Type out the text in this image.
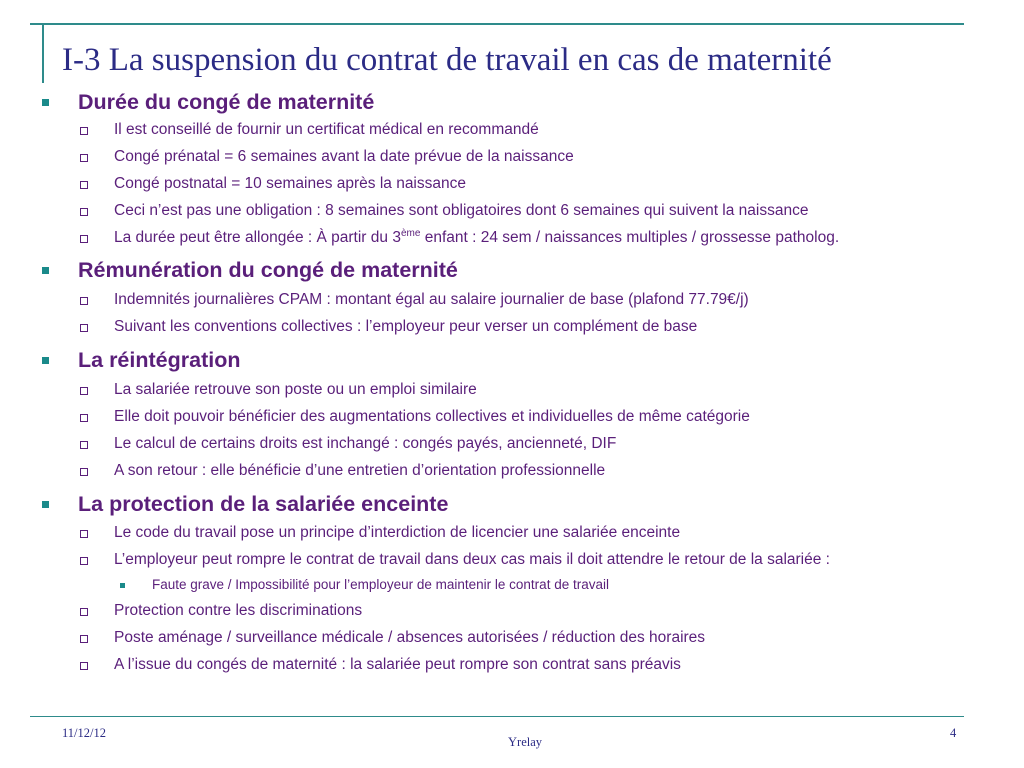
I-3 La suspension du contrat de travail en cas de maternité
Durée du congé de maternité
Il est conseillé de fournir un certificat médical en recommandé
Congé prénatal = 6 semaines avant la date prévue de la naissance
Congé postnatal = 10 semaines après la naissance
Ceci n’est pas une obligation : 8 semaines sont obligatoires dont 6 semaines qui suivent la naissance
La durée peut être allongée : À partir du 3ème enfant : 24 sem / naissances multiples / grossesse patholog.
Rémunération du congé de maternité
Indemnités journalières CPAM : montant égal au salaire journalier de base (plafond 77.79€/j)
Suivant les conventions collectives : l’employeur peur verser un complément de base
La réintégration
La salariée retrouve son poste ou un emploi similaire
Elle doit pouvoir bénéficier des augmentations collectives et individuelles de même catégorie
Le calcul de certains droits est inchangé : congés payés, ancienneté, DIF
A son retour : elle bénéficie d’une entretien d’orientation professionnelle
La protection de la salariée enceinte
Le code du travail pose un principe d’interdiction de licencier une salariée enceinte
L’employeur peut rompre le contrat de travail dans deux cas mais il doit attendre le retour de la salariée :
Faute grave / Impossibilité pour l’employeur de maintenir le contrat de travail
Protection contre les discriminations
Poste aménage / surveillance médicale / absences autorisées / réduction des horaires
A l’issue du congés de maternité : la salariée peut rompre son contrat sans préavis
11/12/12
Yrelay
4
